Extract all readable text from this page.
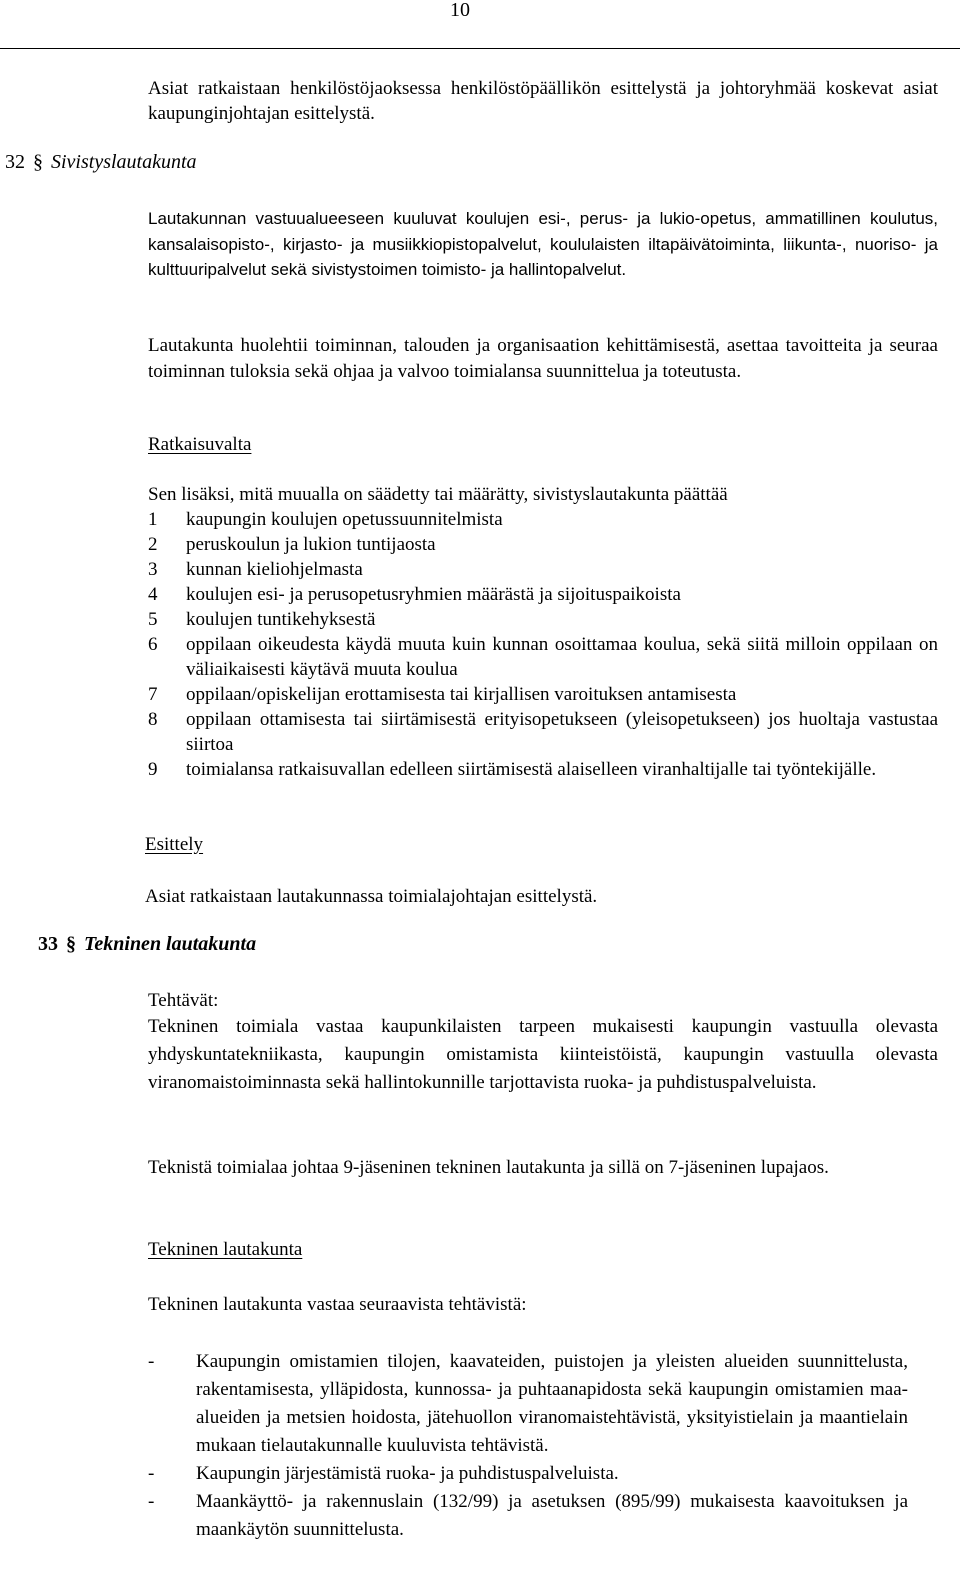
10
Asiat ratkaistaan henkilöstöjaoksessa henkilöstöpäällikön esittelystä ja johtoryhmää koskevat asiat kaupunginjohtajan esittelystä.
32 § Sivistyslautakunta
Lautakunnan vastuualueeseen kuuluvat koulujen esi-, perus- ja lukio-opetus, ammatillinen koulutus, kansalaisopisto-, kirjasto- ja musiikkiopistopalvelut, koululaisten iltapäivätoiminta, liikunta-, nuoriso- ja kulttuuripalvelut sekä sivistystoimen toimisto- ja hallintopalvelut.
Lautakunta huolehtii toiminnan, talouden ja organisaation kehittämisestä, asettaa tavoitteita ja seuraa toiminnan tuloksia sekä ohjaa ja valvoo toimialansa suunnittelua ja toteutusta.
Ratkaisuvalta
Sen lisäksi, mitä muualla on säädetty tai määrätty, sivistyslautakunta päättää
1 kaupungin koulujen opetussuunnitelmista
2 peruskoulun ja lukion tuntijaosta
3 kunnan kieliohjelmasta
4 koulujen esi- ja perusopetusryhmien määrästä ja sijoituspaikoista
5 koulujen tuntikehyksestä
6 oppilaan oikeudesta käydä muuta kuin kunnan osoittamaa koulua, sekä siitä milloin oppilaan on väliaikaisesti käytävä muuta koulua
7 oppilaan/opiskelijan erottamisesta tai kirjallisen varoituksen antamisesta
8 oppilaan ottamisesta tai siirtämisestä erityisopetukseen (yleisopetukseen) jos huoltaja vastustaa siirtoa
9 toimialansa ratkaisuvallan edelleen siirtämisestä alaiselleen viranhaltijalle tai työntekijälle.
Esittely
Asiat ratkaistaan lautakunnassa toimialajohtajan esittelystä.
33 § Tekninen lautakunta
Tehtävät:
Tekninen toimiala vastaa kaupunkilaisten tarpeen mukaisesti kaupungin vastuulla olevasta yhdyskuntatekniikasta, kaupungin omistamista kiinteistöistä, kaupungin vastuulla olevasta viranomaistoiminnasta sekä hallintokunnille tarjottavista ruoka- ja puhdistuspalveluista.
Teknistä toimialaa johtaa 9-jäseninen tekninen lautakunta ja sillä on 7-jäseninen lupajaos.
Tekninen lautakunta
Tekninen lautakunta vastaa seuraavista tehtävistä:
- Kaupungin omistamien tilojen, kaavateiden, puistojen ja yleisten alueiden suunnittelusta, rakentamisesta, ylläpidosta, kunnossa- ja puhtaanapidosta sekä kaupungin omistamien maa-alueiden ja metsien hoidosta, jätehuollon viranomaistehtävistä, yksityistielain ja maantielain mukaan tielautakunnalle kuuluvista tehtävistä.
- Kaupungin järjestämistä ruoka- ja puhdistuspalveluista.
- Maankäyttö- ja rakennuslain (132/99) ja asetuksen (895/99) mukaisesta kaavoituksen ja maankäytön suunnittelusta.
